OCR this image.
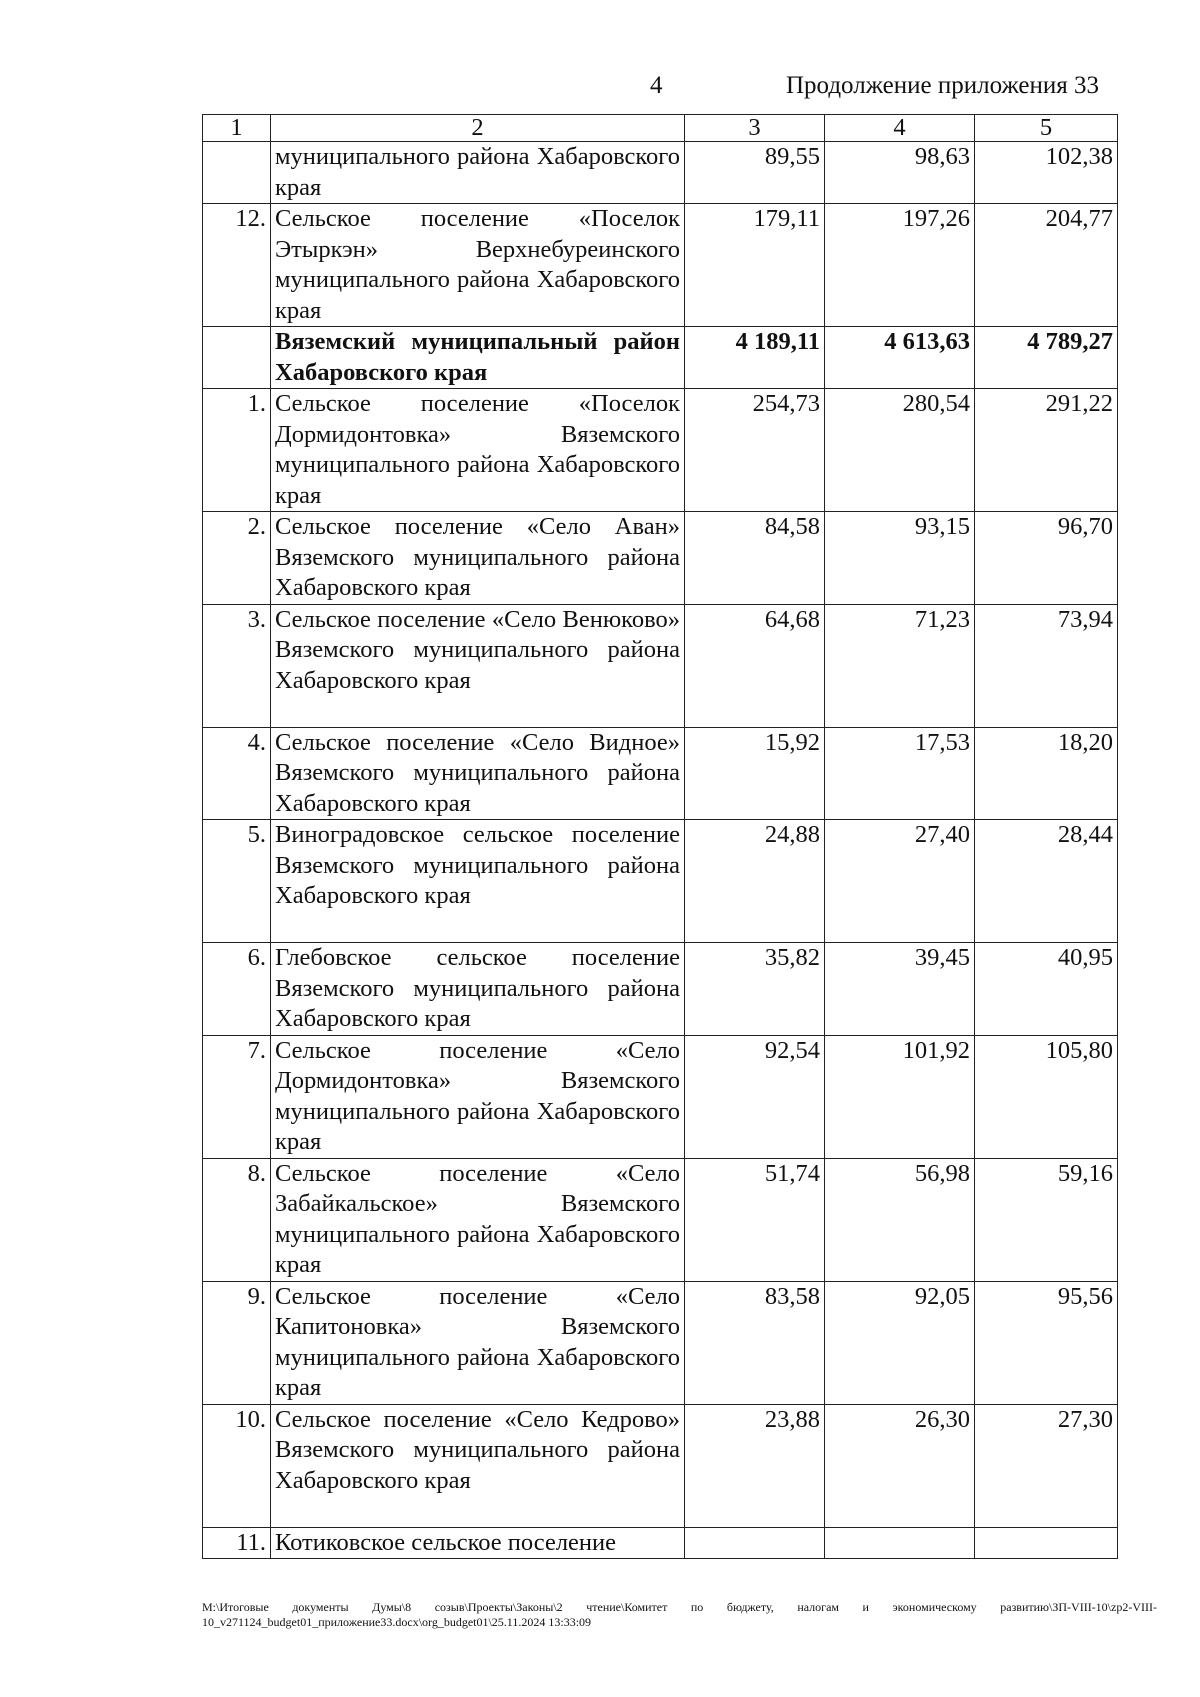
4	Продолжение приложения 33
1	2	3	4	5
	муниципального района Хабаровского края	89,55	98,63	102,38
12.	Сельское поселение «Поселок Этыркэн» Верхнебуреинского муниципального района Хабаровского края	179,11	197,26	204,77
	Вяземский муниципальный район Хабаровского края	4 189,11	4 613,63	4 789,27
1.	Сельское поселение «Поселок Дормидонтовка» Вяземского муниципального района Хабаровского края	254,73	280,54	291,22
2.	Сельское поселение «Село Аван» Вяземского муниципального района Хабаровского края	84,58	93,15	96,70
3.	Сельское поселение «Село Венюково» Вяземского муниципального района Хабаровского края	64,68	71,23	73,94
4.	Сельское поселение «Село Видное» Вяземского муниципального района Хабаровского края	15,92	17,53	18,20
5.	Виноградовское сельское поселение Вяземского муниципального района Хабаровского края	24,88	27,40	28,44
6.	Глебовское сельское поселение Вяземского муниципального района Хабаровского края	35,82	39,45	40,95
7.	Сельское поселение «Село Дормидонтовка» Вяземского муниципального района Хабаровского края	92,54	101,92	105,80
8.	Сельское поселение «Село Забайкальское» Вяземского муниципального района Хабаровского края	51,74	56,98	59,16
9.	Сельское поселение «Село Капитоновка» Вяземского муниципального района Хабаровского края	83,58	92,05	95,56
10.	Сельское поселение «Село Кедрово» Вяземского муниципального района Хабаровского края	23,88	26,30	27,30
11.	Котиковское сельское поселение			
M:\Итоговые документы Думы\8 созыв\Проекты\Законы\2 чтение\Комитет по бюджету, налогам и экономическому развитию\ЗП-VIII-10\zp2-VIII-10_v271124_budget01_приложение33.docx\org_budget01\25.11.2024 13:33:09
